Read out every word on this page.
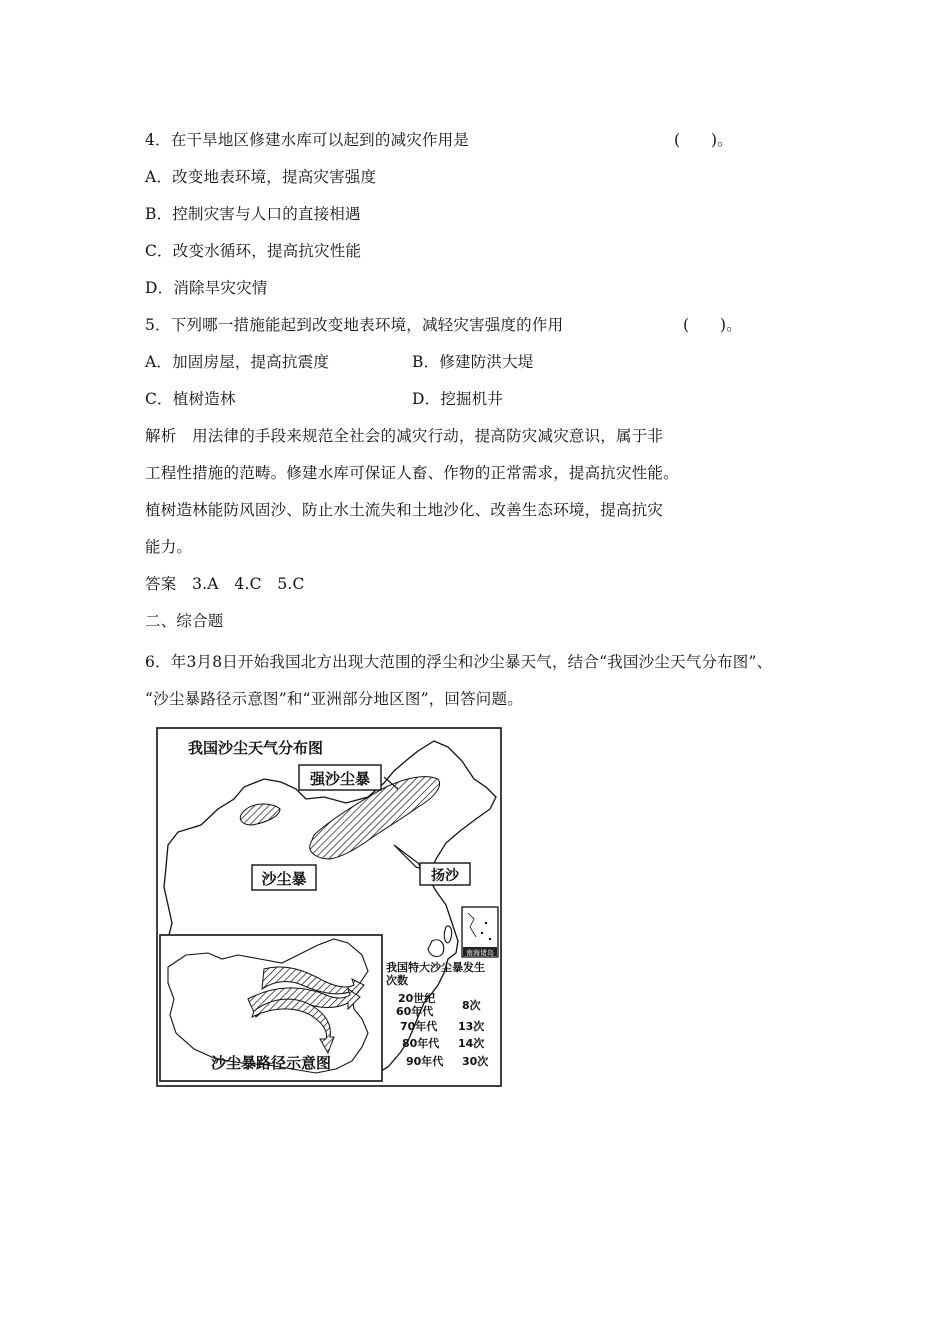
4．在干旱地区修建水库可以起到的减灾作用是	(　　)。
A．改变地表环境，提高灾害强度
B．控制灾害与人口的直接相遇
C．改变水循环，提高抗灾性能
D．消除旱灾灾情
5．下列哪一措施能起到改变地表环境，减轻灾害强度的作用	(　　)。
A．加固房屋，提高抗震度	B．修建防洪大堤
C．植树造林	D．挖掘机井
解析　用法律的手段来规范全社会的减灾行动，提高防灾减灾意识，属于非
工程性措施的范畴。修建水库可保证人畜、作物的正常需求，提高抗灾性能。
植树造林能防风固沙、防止水土流失和土地沙化、改善生态环境，提高抗灾
能力。
答案　3.A　4.C　5.C
二、综合题
6．年3月8日开始我国北方出现大范围的浮尘和沙尘暴天气，结合“我国沙尘天气分布图”、
“沙尘暴路径示意图”和“亚洲部分地区图”，回答问题。
我国沙尘天气分布图
强沙尘暴
沙尘暴	扬沙
南海诸岛
沙尘暴路径示意图
我国特大沙尘暴发生
次数
20世纪
60年代	8次
70年代 13次
80年代 14次
90年代 30次
